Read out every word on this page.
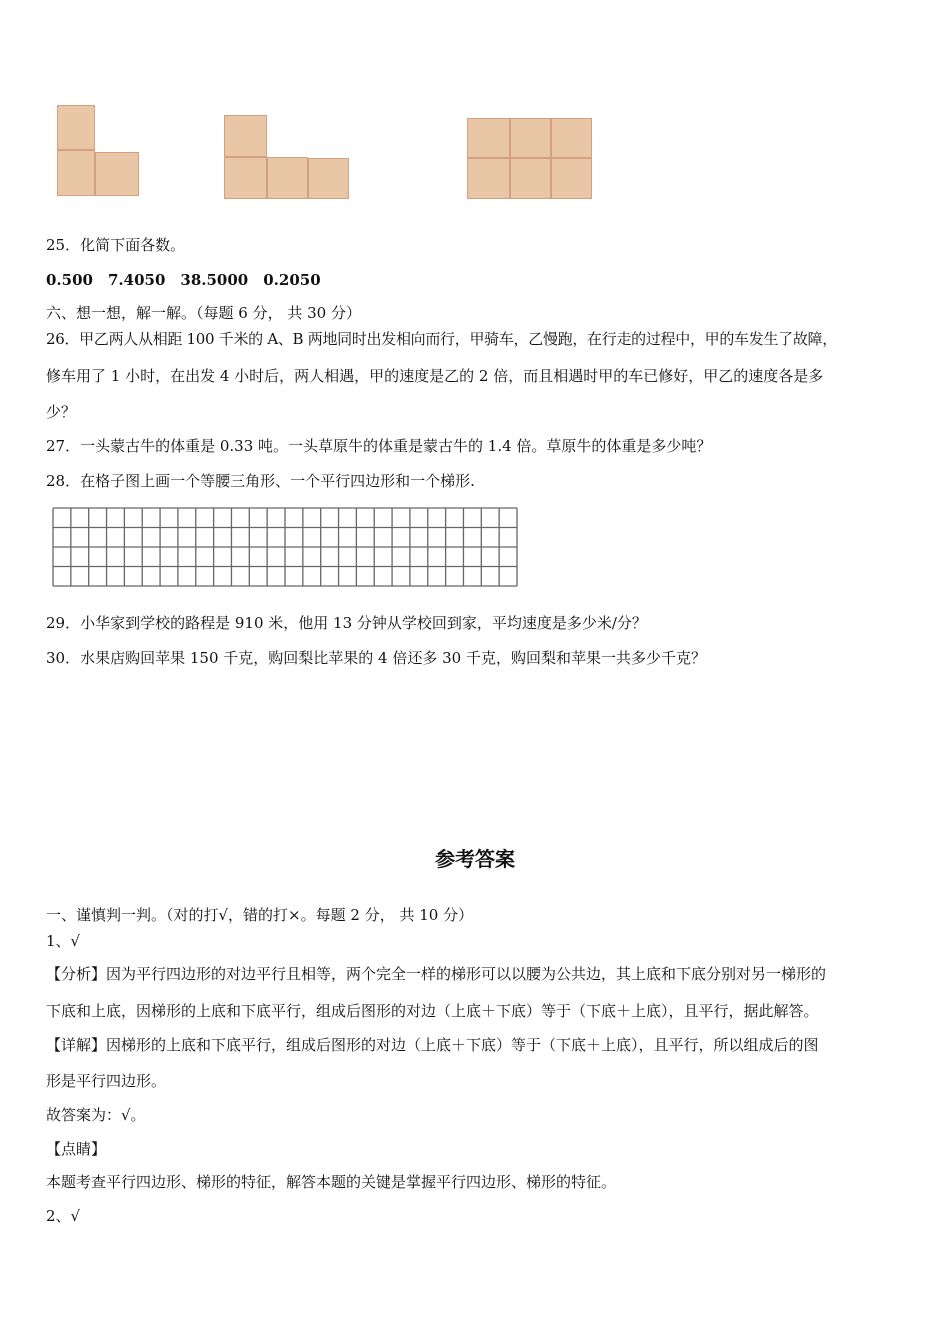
25．化简下面各数。
0.500　7.4050　38.5000　0.2050
六、想一想，解一解。（每题 6 分， 共 30 分）
26．甲乙两人从相距 100 千米的 A、B 两地同时出发相向而行，甲骑车，乙慢跑，在行走的过程中，甲的车发生了故障，
修车用了 1 小时，在出发 4 小时后，两人相遇，甲的速度是乙的 2 倍，而且相遇时甲的车已修好，甲乙的速度各是多
少？
27．一头蒙古牛的体重是 0.33 吨。一头草原牛的体重是蒙古牛的 1.4 倍。草原牛的体重是多少吨？
28．在格子图上画一个等腰三角形、一个平行四边形和一个梯形.
29．小华家到学校的路程是 910 米，他用 13 分钟从学校回到家，平均速度是多少米/分？
30．水果店购回苹果 150 千克，购回梨比苹果的 4 倍还多 30 千克，购回梨和苹果一共多少千克？
参考答案
一、谨慎判一判。（对的打√，错的打×。每题 2 分， 共 10 分）
1、√
【分析】因为平行四边形的对边平行且相等，两个完全一样的梯形可以以腰为公共边，其上底和下底分别对另一梯形的
下底和上底，因梯形的上底和下底平行，组成后图形的对边（上底＋下底）等于（下底＋上底），且平行，据此解答。
【详解】因梯形的上底和下底平行，组成后图形的对边（上底＋下底）等于（下底＋上底），且平行，所以组成后的图
形是平行四边形。
故答案为：√。
【点睛】
本题考查平行四边形、梯形的特征，解答本题的关键是掌握平行四边形、梯形的特征。
2、√
